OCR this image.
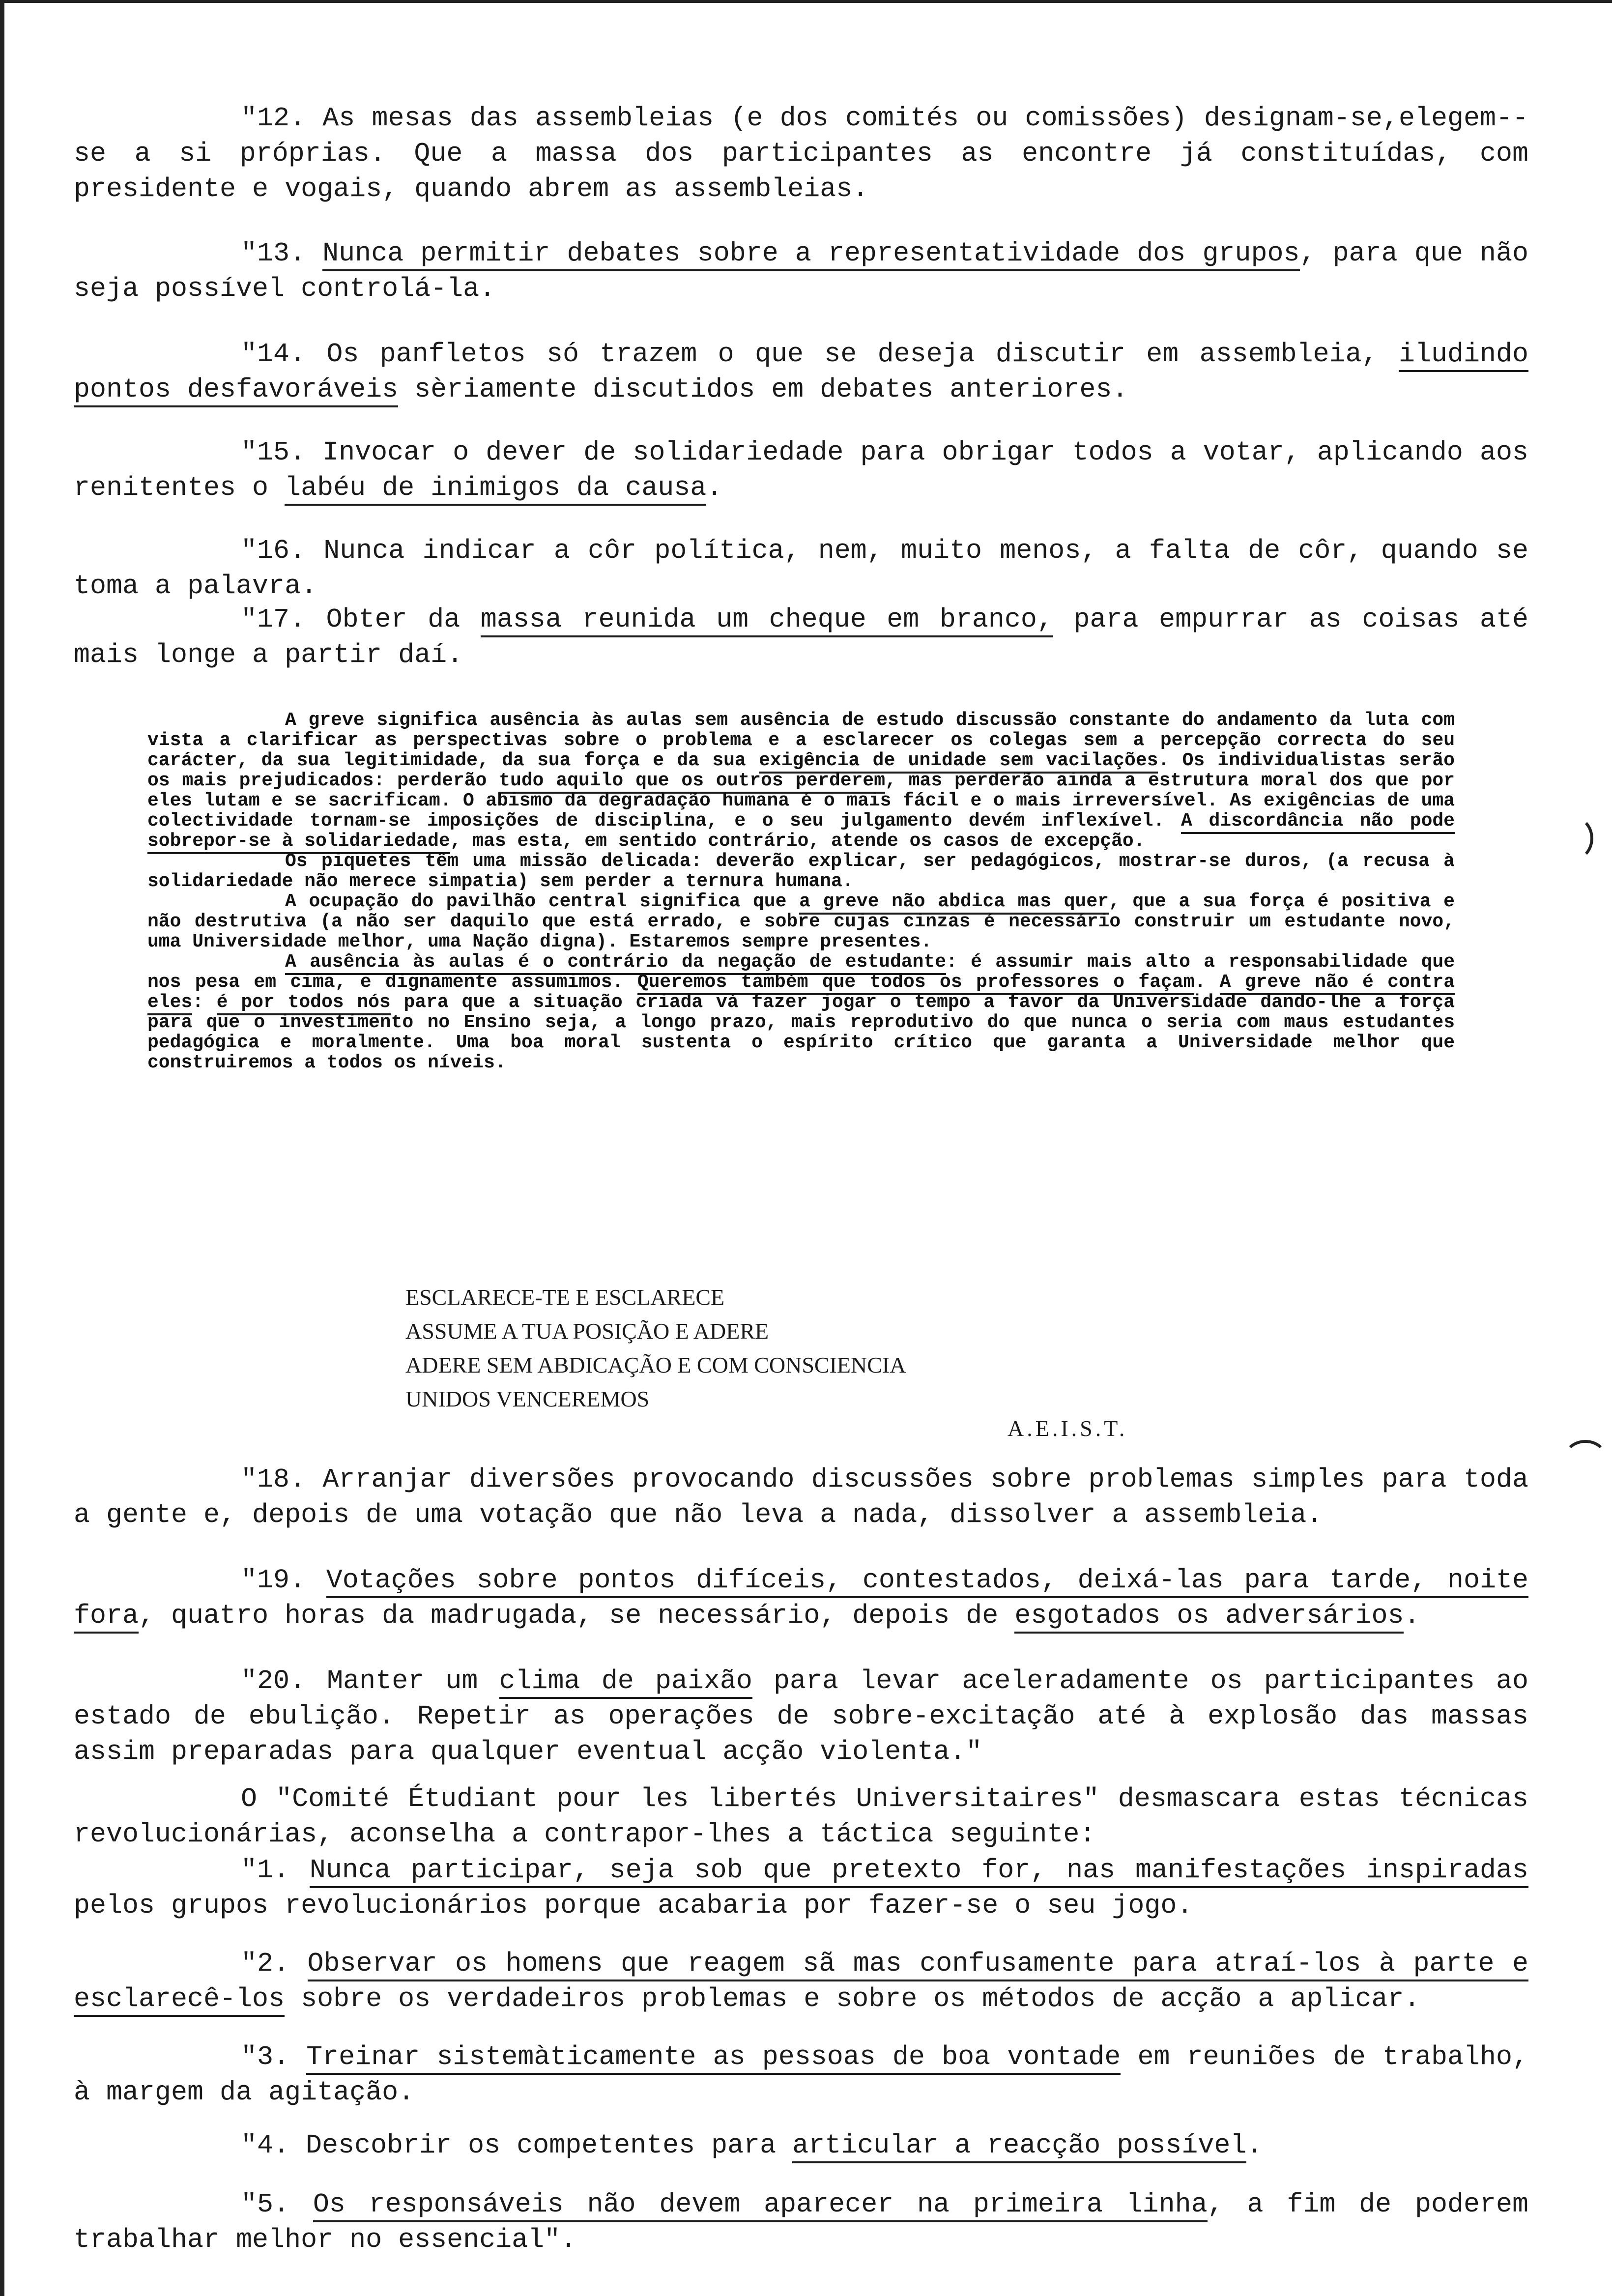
"12. As mesas das assembleias (e dos comités ou comissões) designam-se,elegem--se a si próprias. Que a massa dos participantes as encontre já constituídas, com presidente e vogais, quando abrem as assembleias.

"13. Nunca permitir debates sobre a representatividade dos grupos, para que não seja possível controlá-la.

"14. Os panfletos só trazem o que se deseja discutir em assembleia, iludindo pontos desfavoráveis sèriamente discutidos em debates anteriores.

"15. Invocar o dever de solidariedade para obrigar todos a votar, aplicando aos renitentes o labéu de inimigos da causa.

"16. Nunca indicar a côr política, nem, muito menos, a falta de côr, quando se toma a palavra.

"17. Obter da massa reunida um cheque em branco, para empurrar as coisas até mais longe a partir daí.

A greve significa ausência às aulas sem ausência de estudo discussão constante do andamento da luta com vista a clarificar as perspectivas sobre o problema e a esclarecer os colegas sem a percepção correcta do seu carácter, da sua legitimidade, da sua força e da sua exigência de unidade sem vacilações. Os individualistas serão os mais prejudicados: perderão tudo aquilo que os outros perderem, mas perderão ainda a estrutura moral dos que por eles lutam e se sacrificam. O abismo da degradação humana é o mais fácil e o mais irreversível. As exigências de uma colectividade tornam-se imposições de disciplina, e o seu julgamento devém inflexível. A discordância não pode sobrepor-se à solidariedade, mas esta, em sentido contrário, atende os casos de excepção.
Os piquetes têm uma missão delicada: deverão explicar, ser pedagógicos, mostrar-se duros, (a recusa à solidariedade não merece simpatia) sem perder a ternura humana.
A ocupação do pavilhão central significa que a greve não abdica mas quer, que a sua força é positiva e não destrutiva (a não ser daquilo que está errado, e sobre cujas cinzas é necessário construir um estudante novo, uma Universidade melhor, uma Nação digna). Estaremos sempre presentes.
A ausência às aulas é o contrário da negação de estudante: é assumir mais alto a responsabilidade que nos pesa em cima, e dignamente assumimos. Queremos também que todos os professores o façam. A greve não é contra eles: é por todos nós para que a situação criada vá fazer jogar o tempo a favor da Universidade dando-lhe a força para que o investimento no Ensino seja, a longo prazo, mais reprodutivo do que nunca o seria com maus estudantes pedagógica e moralmente. Uma boa moral sustenta o espírito crítico que garanta a Universidade melhor que construiremos a todos os níveis.
ESCLARECE-TE E ESCLARECE
ASSUME A TUA POSIÇÃO E ADERE
ADERE SEM ABDICAÇÃO E COM CONSCIENCIA
UNIDOS VENCEREMOS
A.E.I.S.T.

"18. Arranjar diversões provocando discussões sobre problemas simples para toda a gente e, depois de uma votação que não leva a nada, dissolver a assembleia.

"19. Votações sobre pontos difíceis, contestados, deixá-las para tarde, noite fora, quatro horas da madrugada, se necessário, depois de esgotados os adversários.

"20. Manter um clima de paixão para levar aceleradamente os participantes ao estado de ebulição. Repetir as operações de sobre-excitação até à explosão das massas assim preparadas para qualquer eventual acção violenta."

O "Comité Étudiant pour les libertés Universitaires" desmascara estas técnicas revolucionárias, aconselha a contrapor-lhes a táctica seguinte:

"1. Nunca participar, seja sob que pretexto for, nas manifestações inspiradas pelos grupos revolucionários porque acabaria por fazer-se o seu jogo.

"2. Observar os homens que reagem sã mas confusamente para atraí-los à parte e esclarecê-los sobre os verdadeiros problemas e sobre os métodos de acção a aplicar.

"3. Treinar sistemàticamente as pessoas de boa vontade em reuniões de trabalho, à margem da agitação.

"4. Descobrir os competentes para articular a reacção possível.

"5. Os responsáveis não devem aparecer na primeira linha, a fim de poderem trabalhar melhor no essencial".
